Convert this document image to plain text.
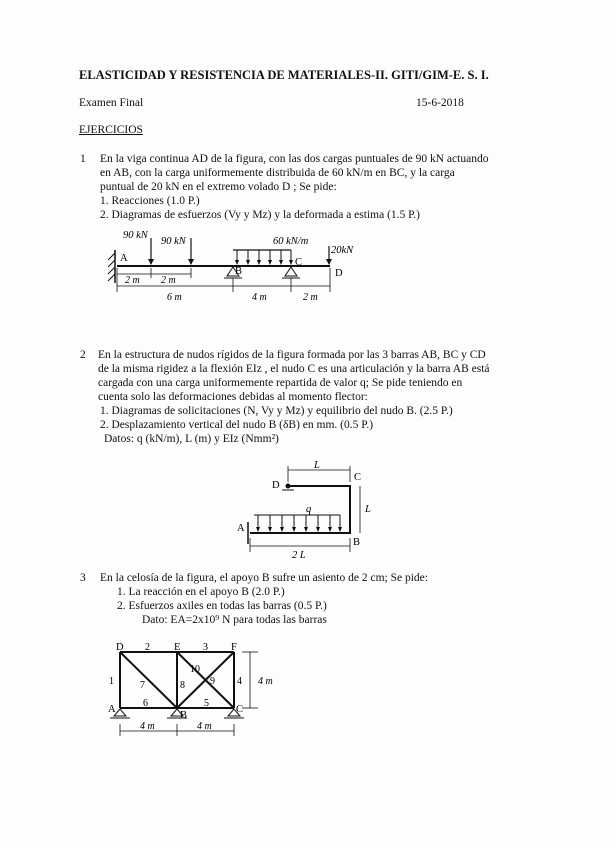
ELASTICIDAD Y RESISTENCIA DE MATERIALES-II. GITI/GIM-E. S. I.
Examen Final	15-6-2018
EJERCICIOS
1 En la viga continua AD de la figura, con las dos cargas puntuales de 90 kN actuando
en AB, con la carga uniformemente distribuida de 60 kN/m en BC, y la carga
puntual de 20 kN en el extremo volado D ; Se pide:
1. Reacciones (1.0 P.)
2. Diagramas de esfuerzos (Vy y Mz) y la deformada a estima (1.5 P.)
90 kN
90 kN	60 kN/m
20kN
A
B
C
D
2 m 2 m
6 m	4 m	2 m
2 En la estructura de nudos rígidos de la figura formada por las 3 barras AB, BC y CD
de la misma rigidez a la flexión EIz , el nudo C es una articulación y la barra AB está
cargada con una carga uniformemente repartida de valor q; Se pide teniendo en
cuenta solo las deformaciones debidas al momento flector:
1. Diagramas de solicitaciones (N, Vy y Mz) y equilibrio del nudo B. (2.5 P.)
2. Desplazamiento vertical del nudo B (δB) en mm. (0.5 P.)
Datos: q (kN/m), L (m) y EIz (Nmm²)
L
L
2 L
q
D
C
A
B
3 En la celosía de la figura, el apoyo B sufre un asiento de 2 cm; Se pide:
1. La reacción en el apoyo B (2.0 P.)
2. Esfuerzos axiles en todas las barras (0.5 P.)
Dato: EA=2x10⁹ N para todas las barras
D	E	F
A
B
C
1
2	3
4
5
6
7	8	9
10
4 m
4 m	4 m
